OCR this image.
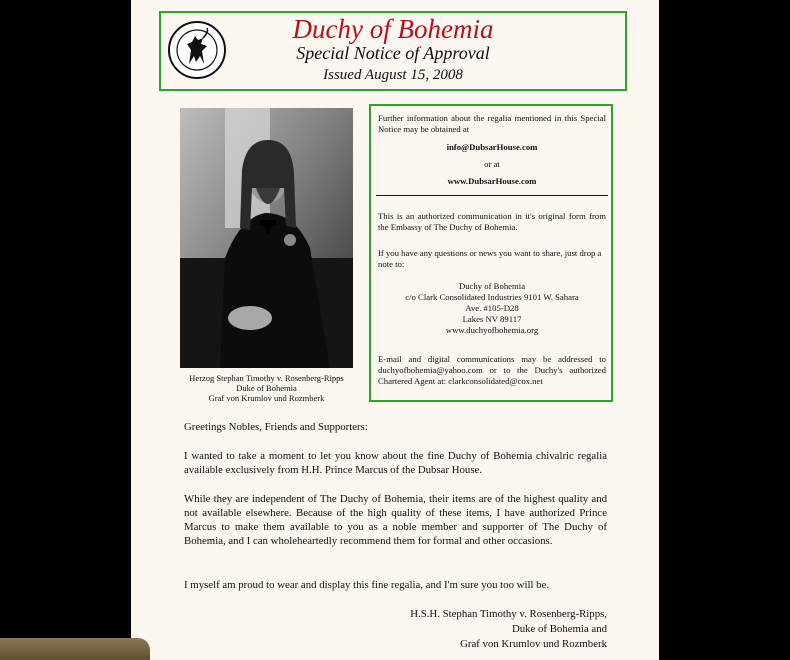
Duchy of Bohemia
Special Notice of Approval
Issued August 15, 2008
Herzog Stephan Timothy v. Rosenberg-Ripps
Duke of Bohemia
Graf von Krumlov und Rozmberk
Further information about the regalia mentioned in this Special Notice may be obtained at
info@DubsarHouse.com
or at
www.DubsarHouse.com
This is an authorized communication in it's original form from the Embassy of The Duchy of Bohemia.
If you have any questions or news you want to share, just drop a note to:
Duchy of Bohemia
c/o Clark Consolidated Industries 9101 W. Sahara
Ave. #105-D28
Lakes NV 89117
www.duchyofbohemia.org
E-mail and digital communications may be addressed to duchyofbohemia@yahoo.com or to the Duchy's authorized Chartered Agent at: clarkconsolidated@cox.net
Greetings Nobles, Friends and Supporters:
I wanted to take a moment to let you know about the fine Duchy of Bohemia chivalric regalia available exclusively from H.H. Prince Marcus of the Dubsar House.
While they are independent of The Duchy of Bohemia, their items are of the highest quality and not available elsewhere. Because of the high quality of these items, I have authorized Prince Marcus to make them available to you as a noble member and supporter of The Duchy of Bohemia, and I can wholeheartedly recommend them for formal and other occasions.
I myself am proud to wear and display this fine regalia, and I'm sure you too will be.
H.S.H. Stephan Timothy v. Rosenberg-Ripps,
Duke of Bohemia and
Graf von Krumlov und Rozmberk
